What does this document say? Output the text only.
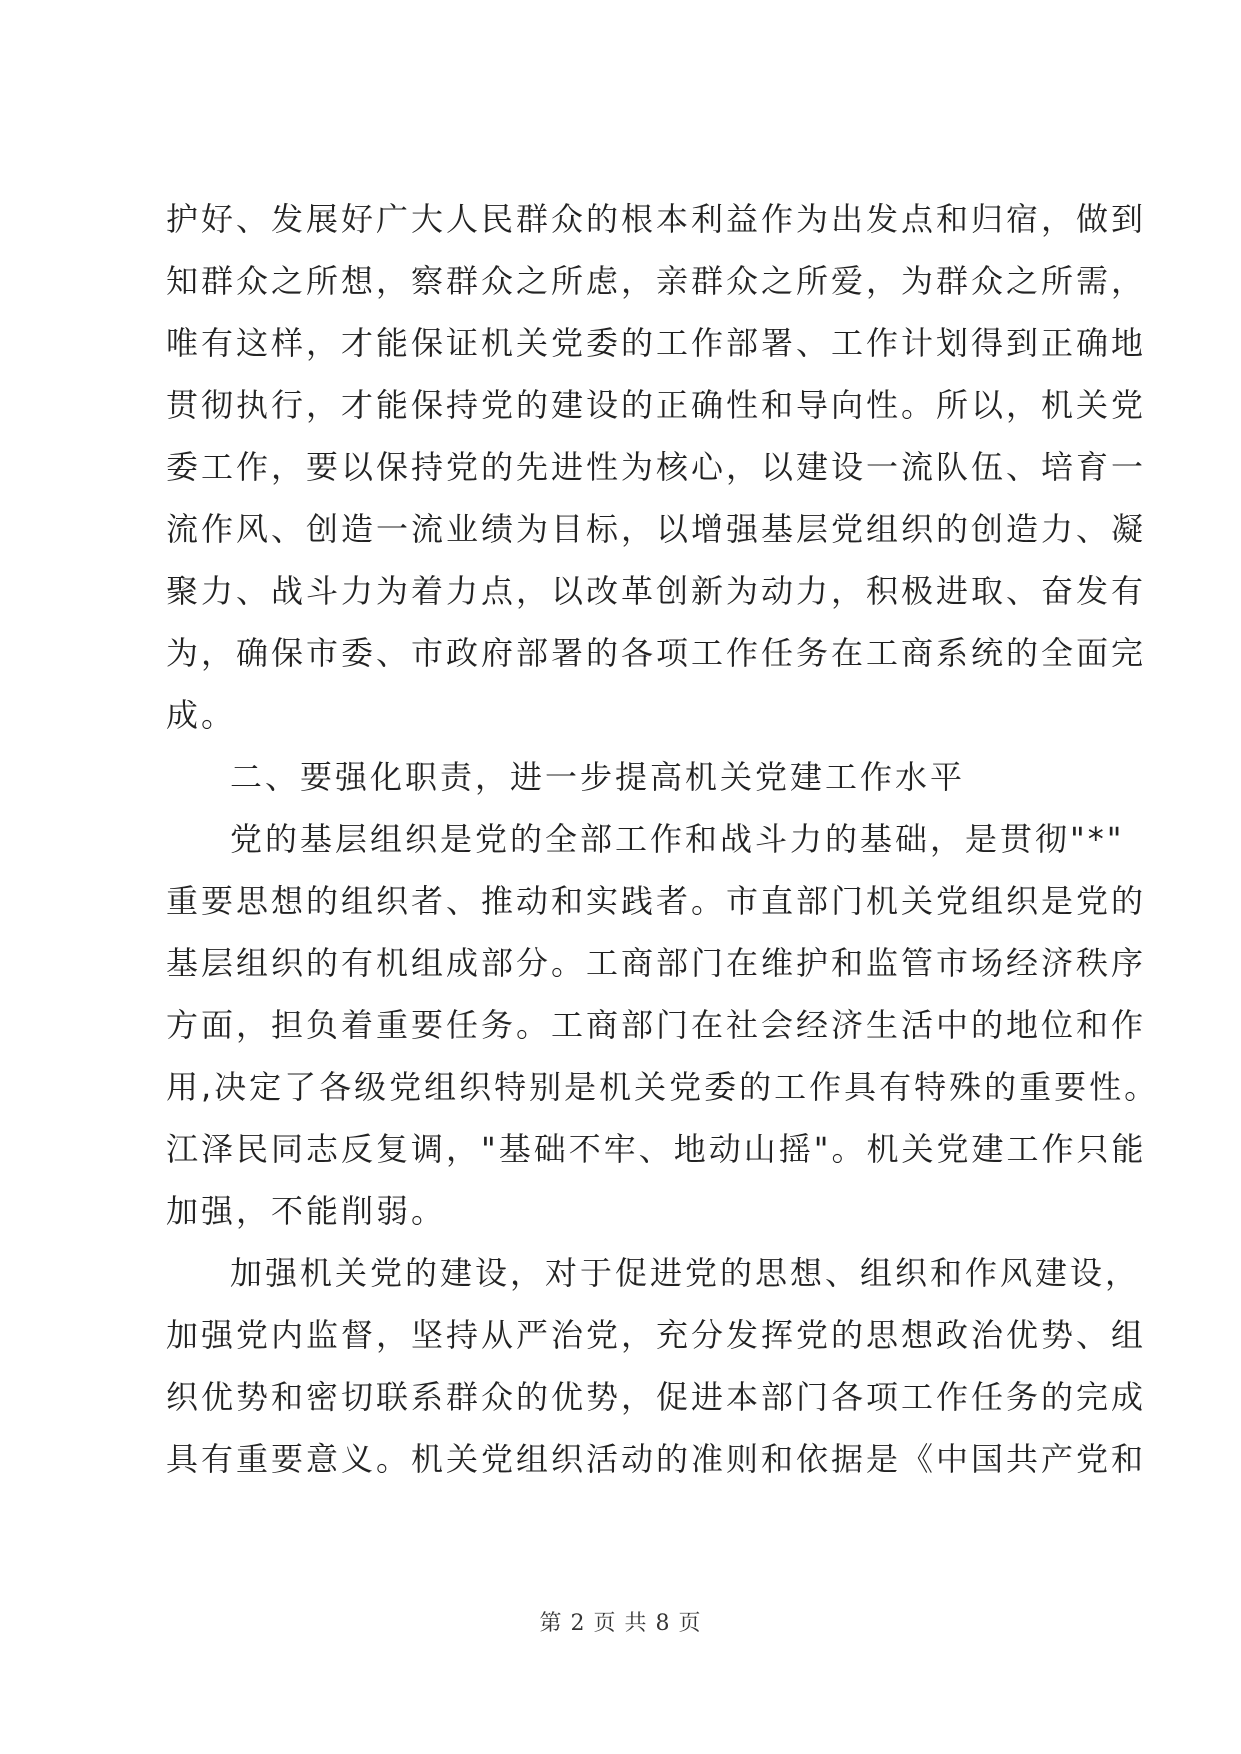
护好、发展好广大人民群众的根本利益作为出发点和归宿，做到
知群众之所想，察群众之所虑，亲群众之所爱，为群众之所需，
唯有这样，才能保证机关党委的工作部署、工作计划得到正确地
贯彻执行，才能保持党的建设的正确性和导向性。所以，机关党
委工作，要以保持党的先进性为核心，以建设一流队伍、培育一
流作风、创造一流业绩为目标，以增强基层党组织的创造力、凝
聚力、战斗力为着力点，以改革创新为动力，积极进取、奋发有
为，确保市委、市政府部署的各项工作任务在工商系统的全面完
成。
二、要强化职责，进一步提高机关党建工作水平
党的基层组织是党的全部工作和战斗力的基础，是贯彻"*"
重要思想的组织者、推动和实践者。市直部门机关党组织是党的
基层组织的有机组成部分。工商部门在维护和监管市场经济秩序
方面，担负着重要任务。工商部门在社会经济生活中的地位和作
用,决定了各级党组织特别是机关党委的工作具有特殊的重要性。
江泽民同志反复调，"基础不牢、地动山摇"。机关党建工作只能
加强，不能削弱。
加强机关党的建设，对于促进党的思想、组织和作风建设，
加强党内监督，坚持从严治党，充分发挥党的思想政治优势、组
织优势和密切联系群众的优势，促进本部门各项工作任务的完成
具有重要意义。机关党组织活动的准则和依据是《中国共产党和
第 2 页 共 8 页
